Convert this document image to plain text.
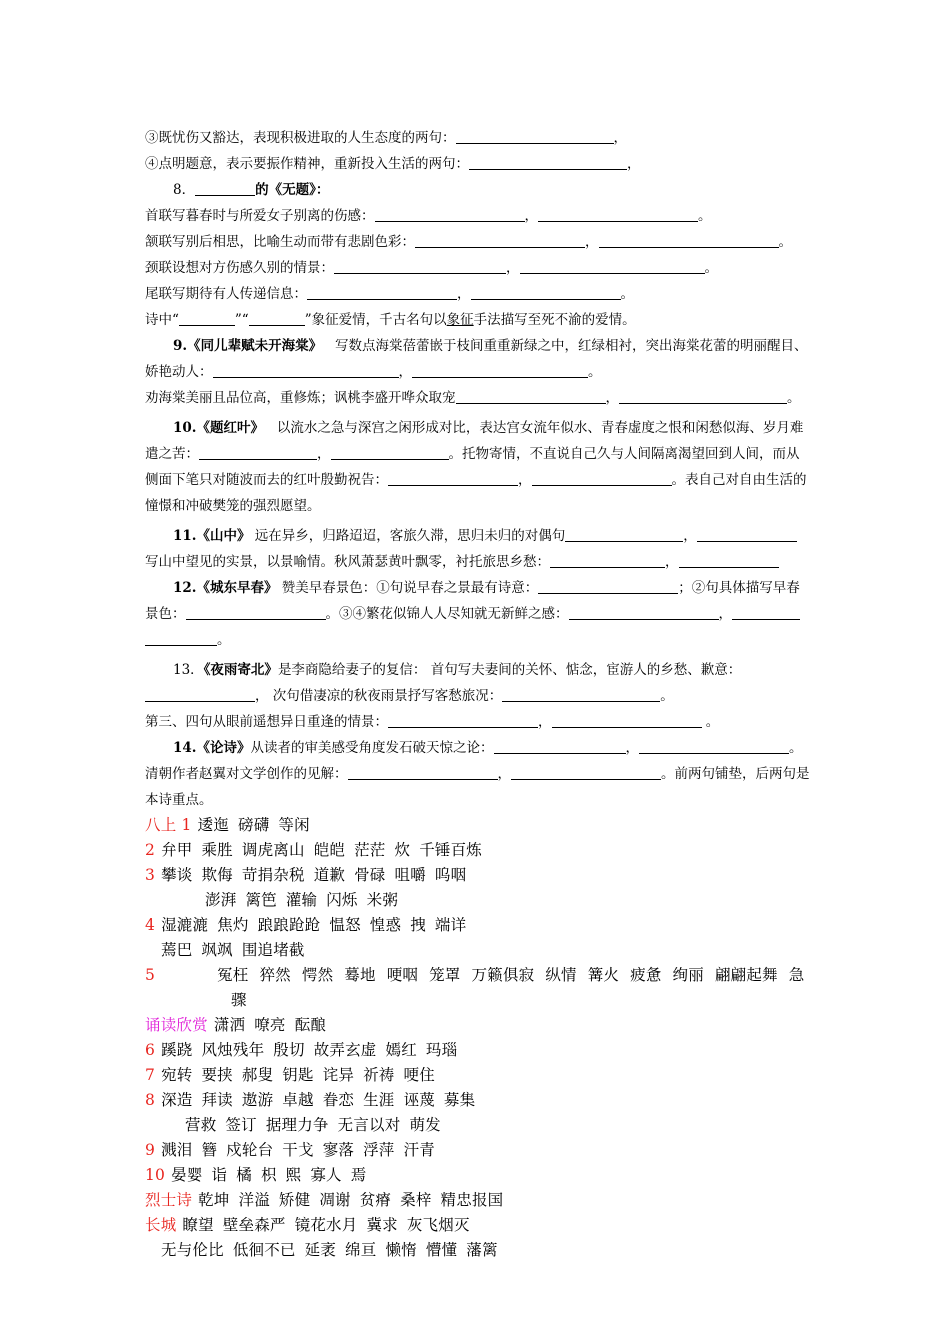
③既忧伤又豁达，表现积极进取的人生态度的两句：	，
④点明题意，表示要振作精神，重新投入生活的两句：	，
8．	的《无题》：
首联写暮春时与所爱女子别离的伤感：	，	。
颔联写别后相思，比喻生动而带有悲剧色彩：	，	。
颈联设想对方伤感久别的情景：	，	。
尾联写期待有人传递信息：	，	。
诗中“	”“	”象征爱情，千古名句以象征手法描写至死不渝的爱情。
9.《同儿辈赋未开海棠》 写数点海棠蓓蕾嵌于枝间重重新绿之中，红绿相衬，突出海棠花蕾的明丽醒目、娇艳动人：	，	。
劝海棠美丽且品位高，重修炼；讽桃李盛开哗众取宠	，	。
10.《题红叶》 以流水之急与深宫之闲形成对比，表达宫女流年似水、青春虚度之恨和闲愁似海、岁月难遣之苦：	，	。托物寄情，不直说自己久与人间隔离渴望回到人间，而从侧面下笔只对随波而去的红叶殷勤祝告：	，	。表自己对自由生活的憧憬和冲破樊笼的强烈愿望。
11.《山中》 远在异乡，归路迢迢，客旅久滞，思归未归的对偶句	， 写山中望见的实景，以景喻情。秋风萧瑟黄叶飘零，衬托旅思乡愁：	，
12.《城东早春》 赞美早春景色：①句说早春之景最有诗意：	；②句具体描写早春景色：	。③④繁花似锦人人尽知就无新鲜之感：	，  。
13．《夜雨寄北》是李商隐给妻子的复信： 首句写夫妻间的关怀、惦念，宦游人的乡愁、歉意：， 次句借凄凉的秋夜雨景抒写客愁旅况：	。
第三、四句从眼前遥想异日重逢的情景：	，	。
14.《论诗》从读者的审美感受角度发石破天惊之论：	，	。 清朝作者赵翼对文学创作的见解：	，	。前两句铺垫，后两句是本诗重点。
八上 1 逶迤 磅礴 等闲
2 弁甲 乘胜 调虎离山 皑皑 茫茫 炊 千锤百炼
3 攀谈 欺侮 苛捐杂税 道歉 骨碌 咀嚼 呜咽
澎湃 篱笆 灌输 闪烁 米粥
4 湿漉漉 焦灼 踉踉跄跄 愠怒 惶惑 拽 端详
蔫巴 飒飒 围追堵截
5	冤枉 猝然 愕然 蓦地 哽咽 笼罩 万籁俱寂 纵情 篝火 疲惫 绚丽 翩翩起舞 急
骤
诵读欣赏 潇洒 嘹亮 酝酿
6 蹊跷 风烛残年 殷切 故弄玄虚 嫣红 玛瑙
7 宛转 要挟 郝叟 钥匙 诧异 祈祷 哽住
8 深造 拜读 遨游 卓越 眷恋 生涯 诬蔑 募集
营救 签订 据理力争 无言以对 萌发
9 溅泪 簪 戍轮台 干戈 寥落 浮萍 汗青
10 晏婴 诣 橘 枳 熙 寡人 焉
烈士诗 乾坤 洋溢 矫健 凋谢 贫瘠 桑梓 精忠报国
长城 瞭望 壁垒森严 镜花水月 冀求 灰飞烟灭
无与伦比 低徊不已 延袤 绵亘 懒惰 懵懂 藩篱
